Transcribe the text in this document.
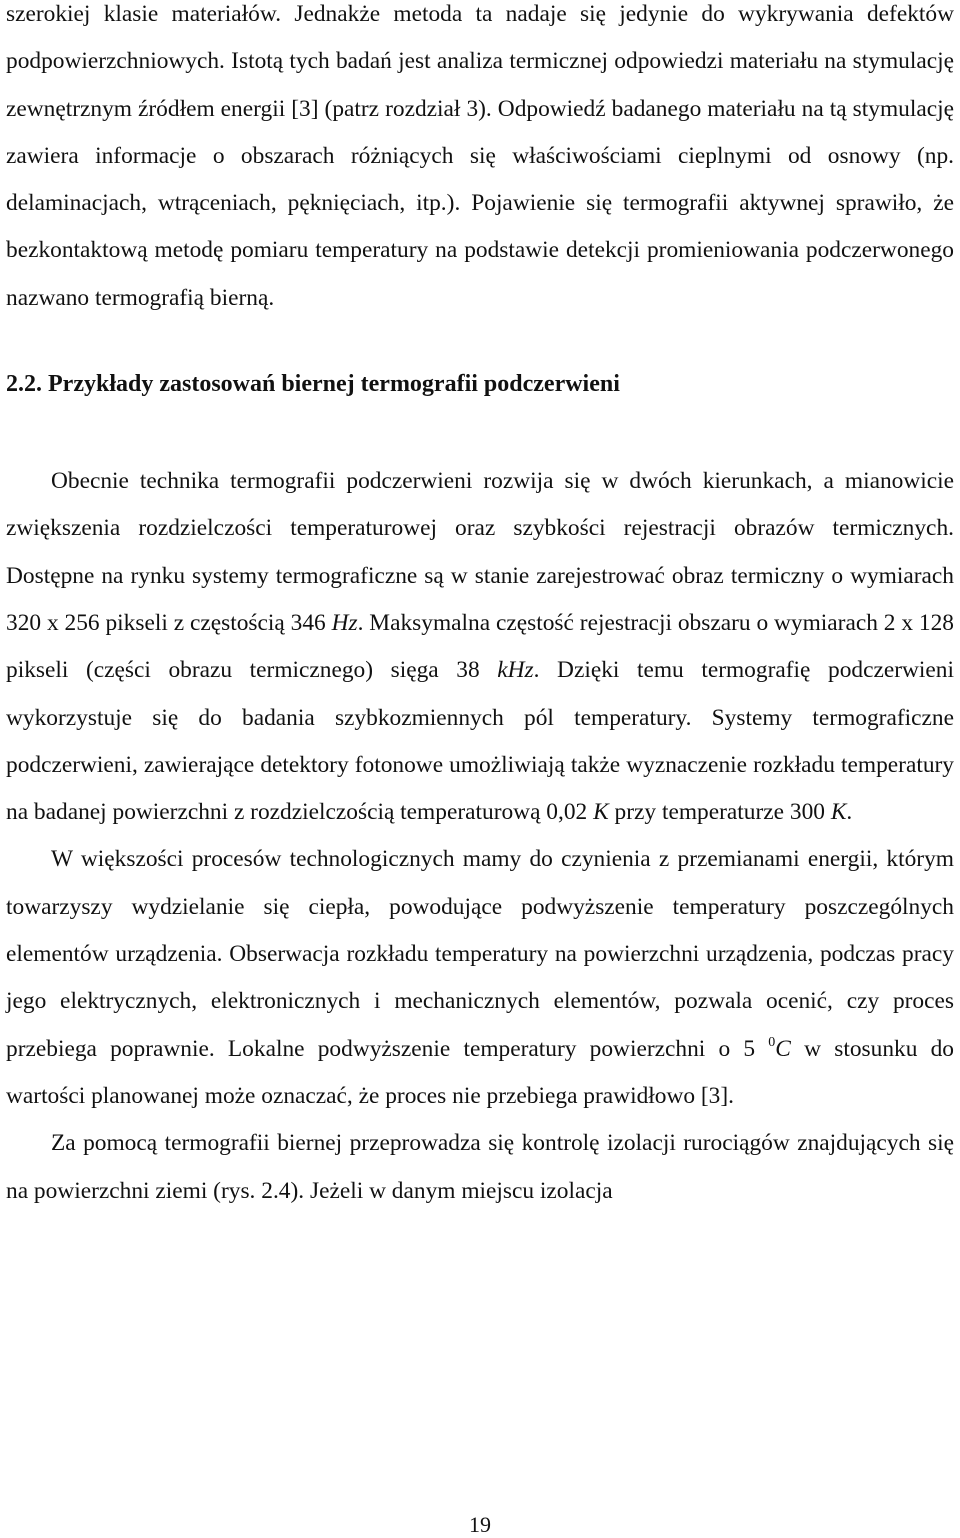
szerokiej klasie materiałów. Jednakże metoda ta nadaje się jedynie do wykrywania defektów podpowierzchniowych. Istotą tych badań jest analiza termicznej odpowiedzi materiału na stymulację zewnętrznym źródłem energii [3] (patrz rozdział 3). Odpowiedź badanego materiału na tą stymulację zawiera informacje o obszarach różniących się właściwościami cieplnymi od osnowy (np. delaminacjach, wtrąceniach, pęknięciach, itp.). Pojawienie się termografii aktywnej sprawiło, że bezkontaktową metodę pomiaru temperatury na podstawie detekcji promieniowania podczerwonego nazwano termografią bierną.

2.2. Przykłady zastosowań biernej termografii podczerwieni

Obecnie technika termografii podczerwieni rozwija się w dwóch kierunkach, a mianowicie zwiększenia rozdzielczości temperaturowej oraz szybkości rejestracji obrazów termicznych. Dostępne na rynku systemy termograficzne są w stanie zarejestrować obraz termiczny o wymiarach 320 x 256 pikseli z częstością 346 Hz. Maksymalna częstość rejestracji obszaru o wymiarach 2 x 128 pikseli (części obrazu termicznego) sięga 38 kHz. Dzięki temu termografię podczerwieni wykorzystuje się do badania szybkozmiennych pól temperatury. Systemy termograficzne podczerwieni, zawierające detektory fotonowe umożliwiają także wyznaczenie rozkładu temperatury na badanej powierzchni z rozdzielczością temperaturową 0,02 K przy temperaturze 300 K.

W większości procesów technologicznych mamy do czynienia z przemianami energii, którym towarzyszy wydzielanie się ciepła, powodujące podwyższenie temperatury poszczególnych elementów urządzenia. Obserwacja rozkładu temperatury na powierzchni urządzenia, podczas pracy jego elektrycznych, elektronicznych i mechanicznych elementów, pozwala ocenić, czy proces przebiega poprawnie. Lokalne podwyższenie temperatury powierzchni o 5 $^0$C w stosunku do wartości planowanej może oznaczać, że proces nie przebiega prawidłowo [3].

Za pomocą termografii biernej przeprowadza się kontrolę izolacji rurociągów znajdujących się na powierzchni ziemi (rys. 2.4). Jeżeli w danym miejscu izolacja

19
